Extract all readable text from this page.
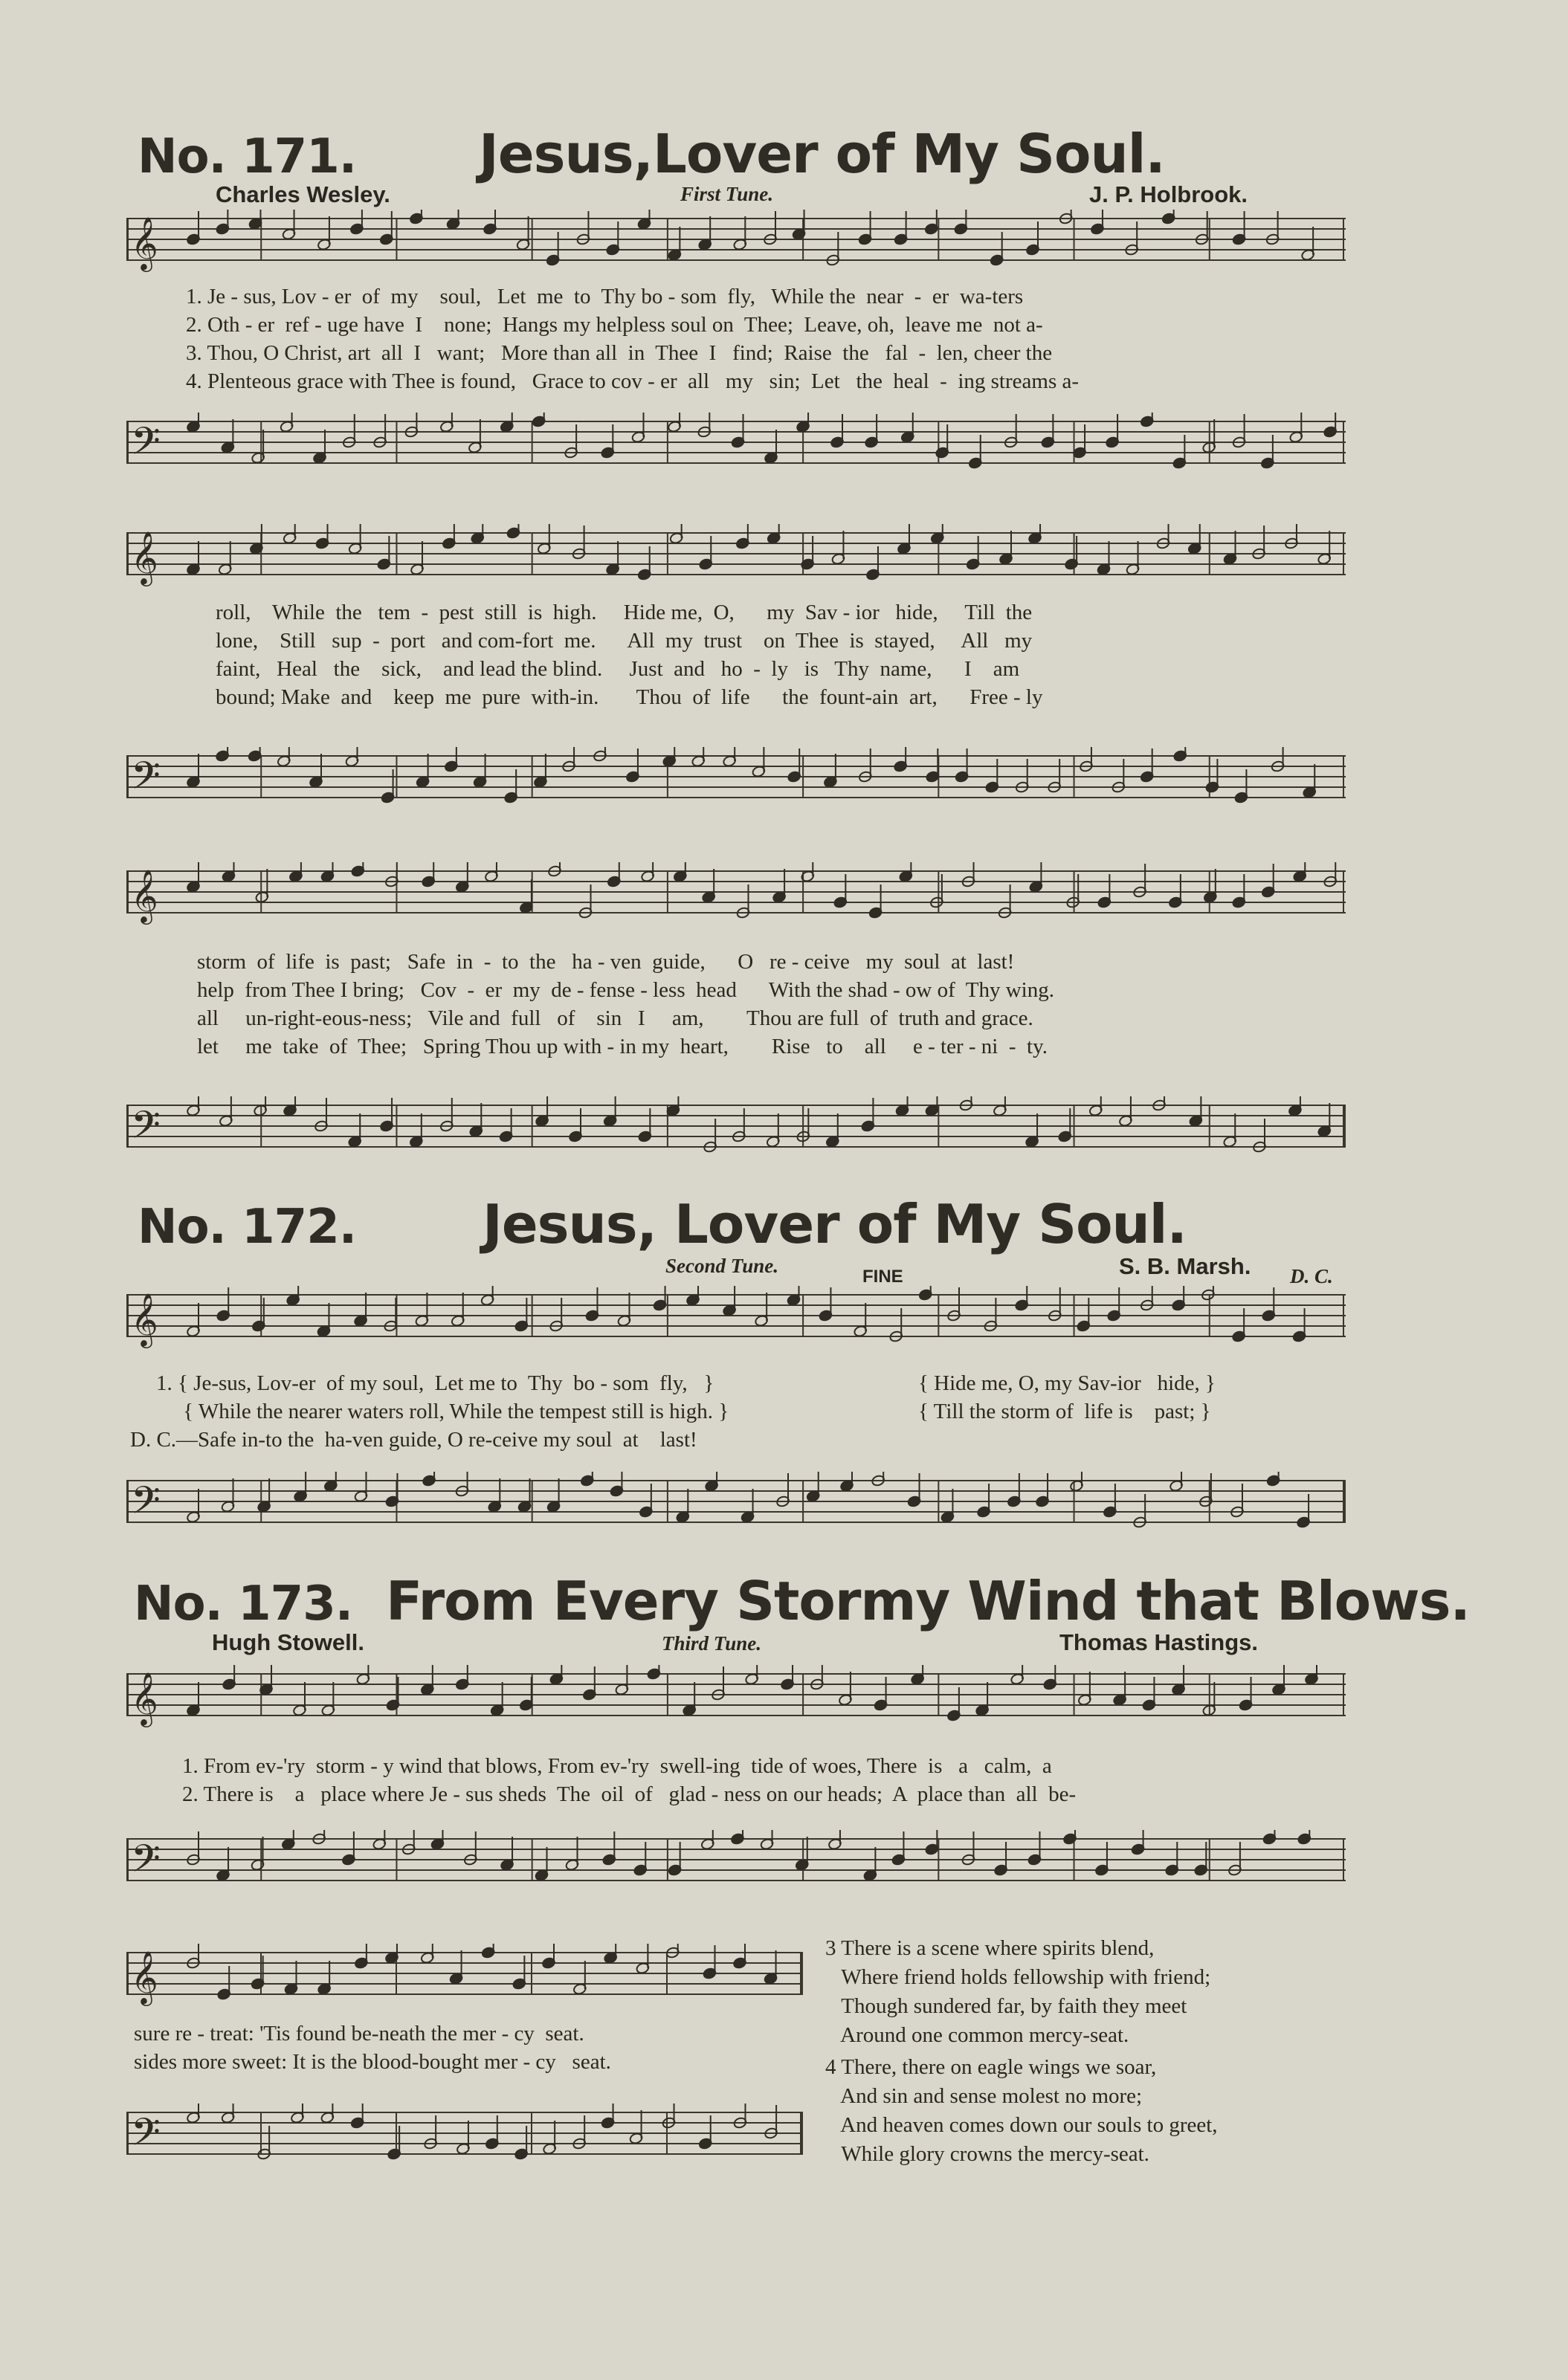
No. 171. Jesus,Lover of My Soul.
Charles Wesley.	First Tune.	J. P. Holbrook.
𝄞
1. Je - sus, Lov - er  of  my    soul,   Let  me  to  Thy bo - som  fly,   While the  near  -  er  wa-ters
2. Oth - er  ref - uge have  I    none;  Hangs my helpless soul on  Thee;  Leave, oh,  leave me  not a-
3. Thou, O Christ, art  all  I   want;   More than all  in  Thee  I   find;  Raise  the   fal  -  len, cheer the
4. Plenteous grace with Thee is found,   Grace to cov - er  all   my   sin;  Let   the  heal  -  ing streams a-
𝄢
𝄞
roll,    While  the   tem  -  pest  still  is  high.     Hide me,  O,      my  Sav - ior   hide,     Till  the
lone,    Still   sup  -  port   and com-fort  me.      All  my  trust    on  Thee  is  stayed,     All   my
faint,   Heal   the    sick,    and lead the blind.     Just  and   ho  -  ly   is   Thy  name,      I    am
bound; Make  and    keep  me  pure  with-in.       Thou  of  life      the  fount-ain  art,      Free - ly
𝄢
𝄞
storm  of  life  is  past;   Safe  in  -  to  the   ha - ven  guide,      O   re - ceive   my  soul  at  last!
help  from Thee I bring;   Cov  -  er  my  de - fense - less  head      With the shad - ow of  Thy wing.
all     un-right-eous-ness;   Vile and  full   of    sin   I     am,        Thou are full  of  truth and grace.
let     me  take  of  Thee;   Spring Thou up with - in my  heart,        Rise   to    all     e - ter - ni  -  ty.
𝄢
No. 172. Jesus, Lover of My Soul.
Second Tune.	FINE	S. B. Marsh. D. C.
𝄞
1. { Je-sus, Lov-er  of my soul,  Let me to  Thy  bo - som  fly,   }
{ While the nearer waters roll, While the tempest still is high. }
{ Hide me, O, my Sav-ior   hide, }
{ Till the storm of  life is    past; }
D. C.—Safe in-to the  ha-ven guide, O re-ceive my soul  at    last!
𝄢
No. 173. From Every Stormy Wind that Blows.
Hugh Stowell.	Third Tune.	Thomas Hastings.
𝄞
1. From ev-'ry  storm - y wind that blows, From ev-'ry  swell-ing  tide of woes, There  is   a   calm,  a
2. There is    a   place where Je - sus sheds  The  oil  of   glad - ness on our heads;  A  place than  all  be-
𝄢
𝄞
sure re - treat: 'Tis found be-neath the mer - cy  seat.
sides more sweet: It is the blood-bought mer - cy   seat.
𝄢
3 There is a scene where spirits blend,
Where friend holds fellowship with friend;
Though sundered far, by faith they meet
Around one common mercy-seat.
4 There, there on eagle wings we soar,
And sin and sense molest no more;
And heaven comes down our souls to greet,
While glory crowns the mercy-seat.
